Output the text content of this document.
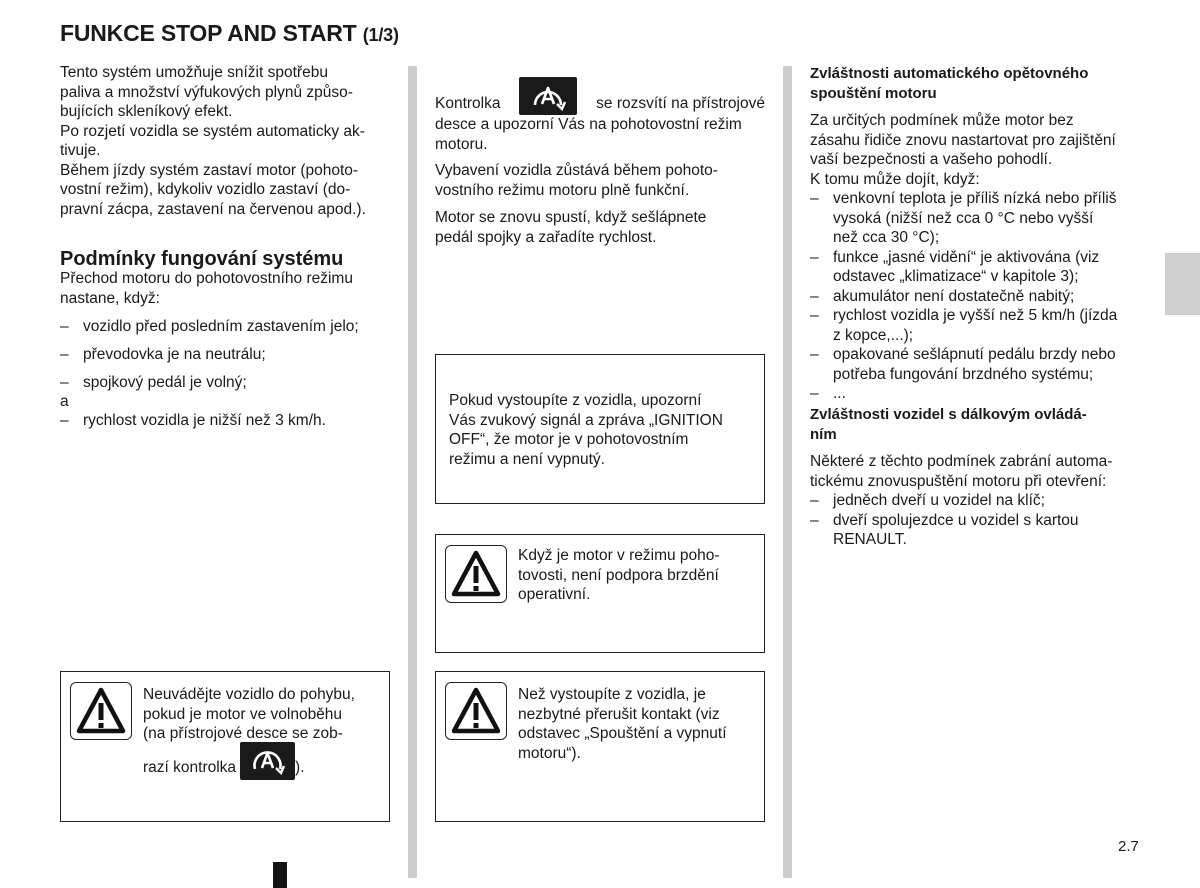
FUNKCE STOP AND START (1/3)
Tento systém umožňuje snížit spotřebu
paliva a množství výfukových plynů způso-
bujících skleníkový efekt.
Po rozjetí vozidla se systém automaticky ak-
tivuje.
Během jízdy systém zastaví motor (pohoto-
vostní režim), kdykoliv vozidlo zastaví (do-
pravní zácpa, zastavení na červenou apod.).
Podmínky fungování systému
Přechod motoru do pohotovostního režimu
nastane, když:
– vozidlo před posledním zastavením jelo;
– převodovka je na neutrálu;
– spojkový pedál je volný;
a
– rychlost vozidla je nižší než 3 km/h.
Neuvádějte vozidlo do pohybu,
pokud je motor ve volnoběhu
(na přístrojové desce se zob-
razí kontrolka	).
Kontrolka	se rozsvítí na přístrojové
desce a upozorní Vás na pohotovostní režim
motoru.
Vybavení vozidla zůstává během pohoto-
vostního režimu motoru plně funkční.
Motor se znovu spustí, když sešlápnete
pedál spojky a zařadíte rychlost.
Pokud vystoupíte z vozidla, upozorní
Vás zvukový signál a zpráva „IGNITION
OFF“, že motor je v pohotovostním
režimu a není vypnutý.
Když je motor v režimu poho-
tovosti, není podpora brzdění
operativní.
Než vystoupíte z vozidla, je
nezbytné přerušit kontakt (viz
odstavec „Spouštění a vypnutí
motoru“).
Zvláštnosti automatického opětovného
spouštění motoru
Za určitých podmínek může motor bez
zásahu řidiče znovu nastartovat pro zajištění
vaší bezpečnosti a vašeho pohodlí.
K tomu může dojít, když:
– venkovní teplota je příliš nízká nebo příliš
vysoká (nižší než cca 0 °C nebo vyšší
než cca 30 °C);
– funkce „jasné vidění“ je aktivována (viz
odstavec „klimatizace“ v kapitole 3);
– akumulátor není dostatečně nabitý;
– rychlost vozidla je vyšší než 5 km/h (jízda
z kopce,...);
– opakované sešlápnutí pedálu brzdy nebo
potřeba fungování brzdného systému;
– ...
Zvláštnosti vozidel s dálkovým ovládá-
ním
Některé z těchto podmínek zabrání automa-
tickému znovuspuštění motoru při otevření:
– jedněch dveří u vozidel na klíč;
– dveří spolujezdce u vozidel s kartou
RENAULT.
2.7
